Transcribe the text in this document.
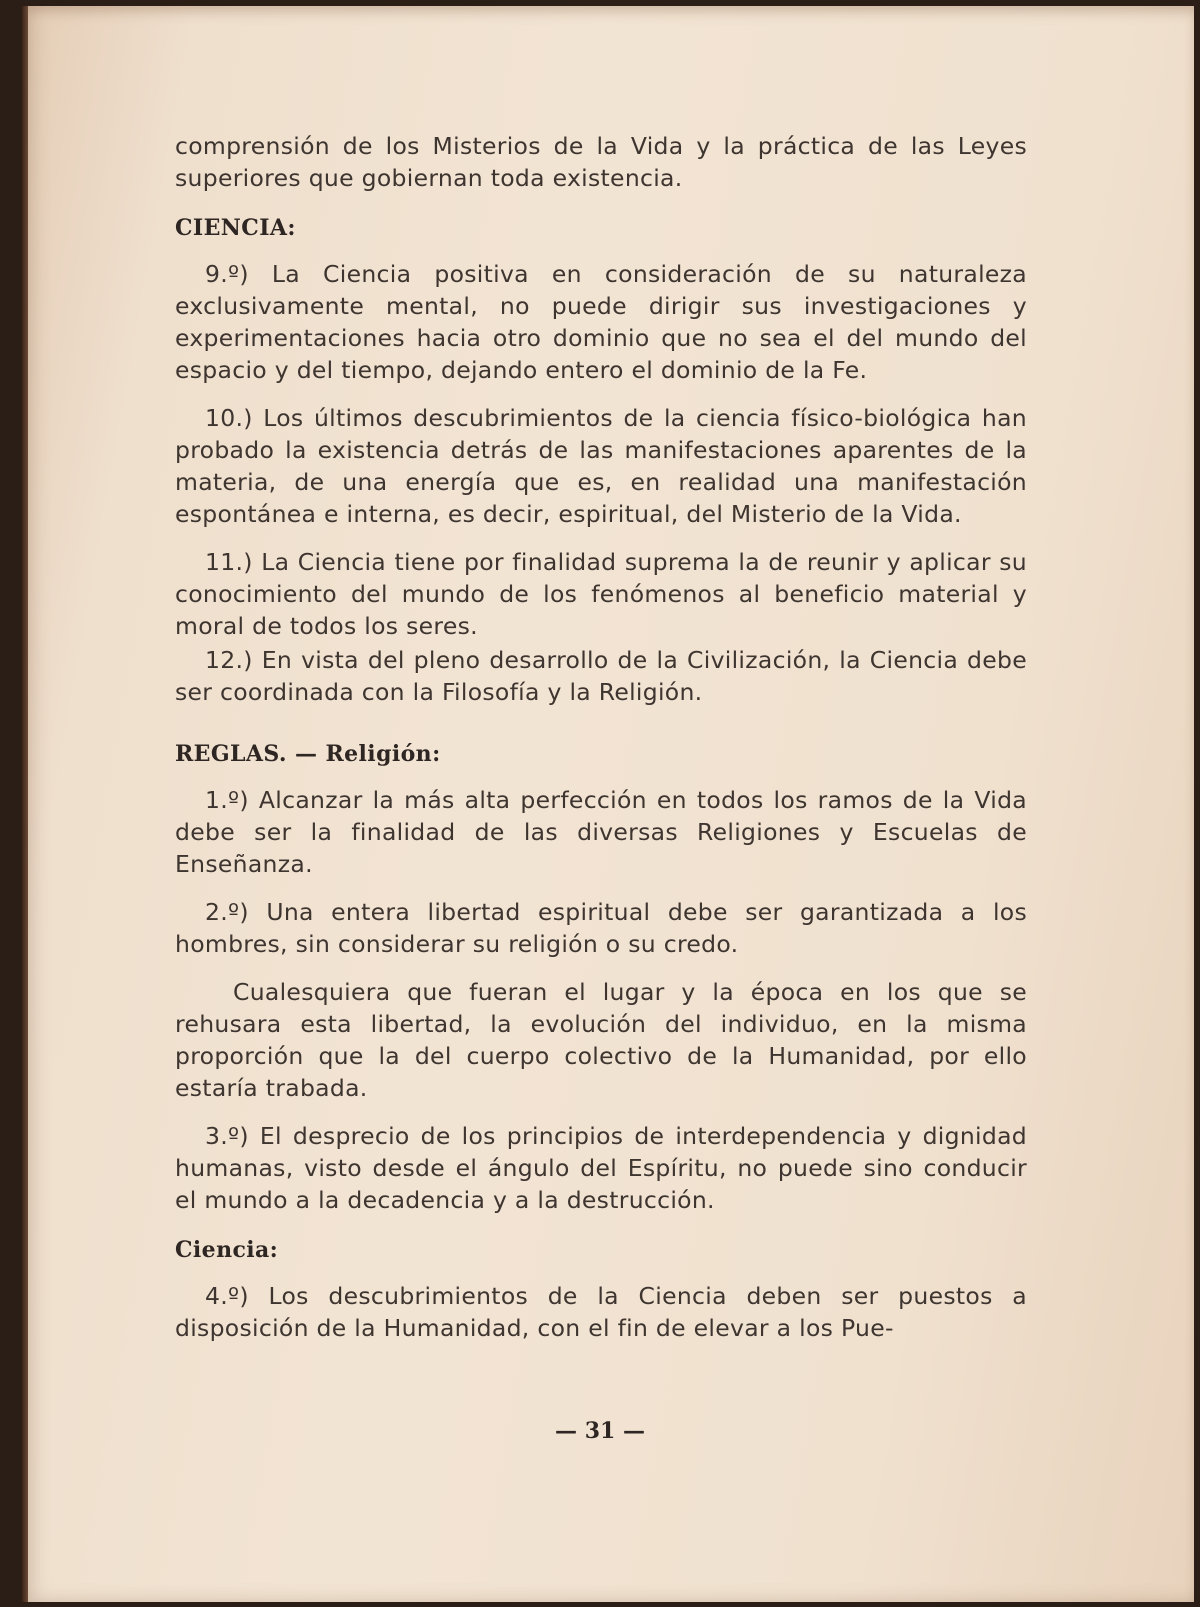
comprensión de los Misterios de la Vida y la práctica de las Leyes superiores que gobiernan toda existencia.

CIENCIA:

9.º) La Ciencia positiva en consideración de su naturaleza exclusivamente mental, no puede dirigir sus investigaciones y experimentaciones hacia otro dominio que no sea el del mundo del espacio y del tiempo, dejando entero el dominio de la Fe.

10.) Los últimos descubrimientos de la ciencia físico-biológica han probado la existencia detrás de las manifestaciones aparentes de la materia, de una energía que es, en realidad una manifestación espontánea e interna, es decir, espiritual, del Misterio de la Vida.

11.) La Ciencia tiene por finalidad suprema la de reunir y aplicar su conocimiento del mundo de los fenómenos al beneficio material y moral de todos los seres.

12.) En vista del pleno desarrollo de la Civilización, la Ciencia debe ser coordinada con la Filosofía y la Religión.

REGLAS. — Religión:

1.º) Alcanzar la más alta perfección en todos los ramos de la Vida debe ser la finalidad de las diversas Religiones y Escuelas de Enseñanza.

2.º) Una entera libertad espiritual debe ser garantizada a los hombres, sin considerar su religión o su credo.

Cualesquiera que fueran el lugar y la época en los que se rehusara esta libertad, la evolución del individuo, en la misma proporción que la del cuerpo colectivo de la Humanidad, por ello estaría trabada.

3.º) El desprecio de los principios de interdependencia y dignidad humanas, visto desde el ángulo del Espíritu, no puede sino conducir el mundo a la decadencia y a la destrucción.

Ciencia:

4.º) Los descubrimientos de la Ciencia deben ser puestos a disposición de la Humanidad, con el fin de elevar a los Pue-

— 31 —
